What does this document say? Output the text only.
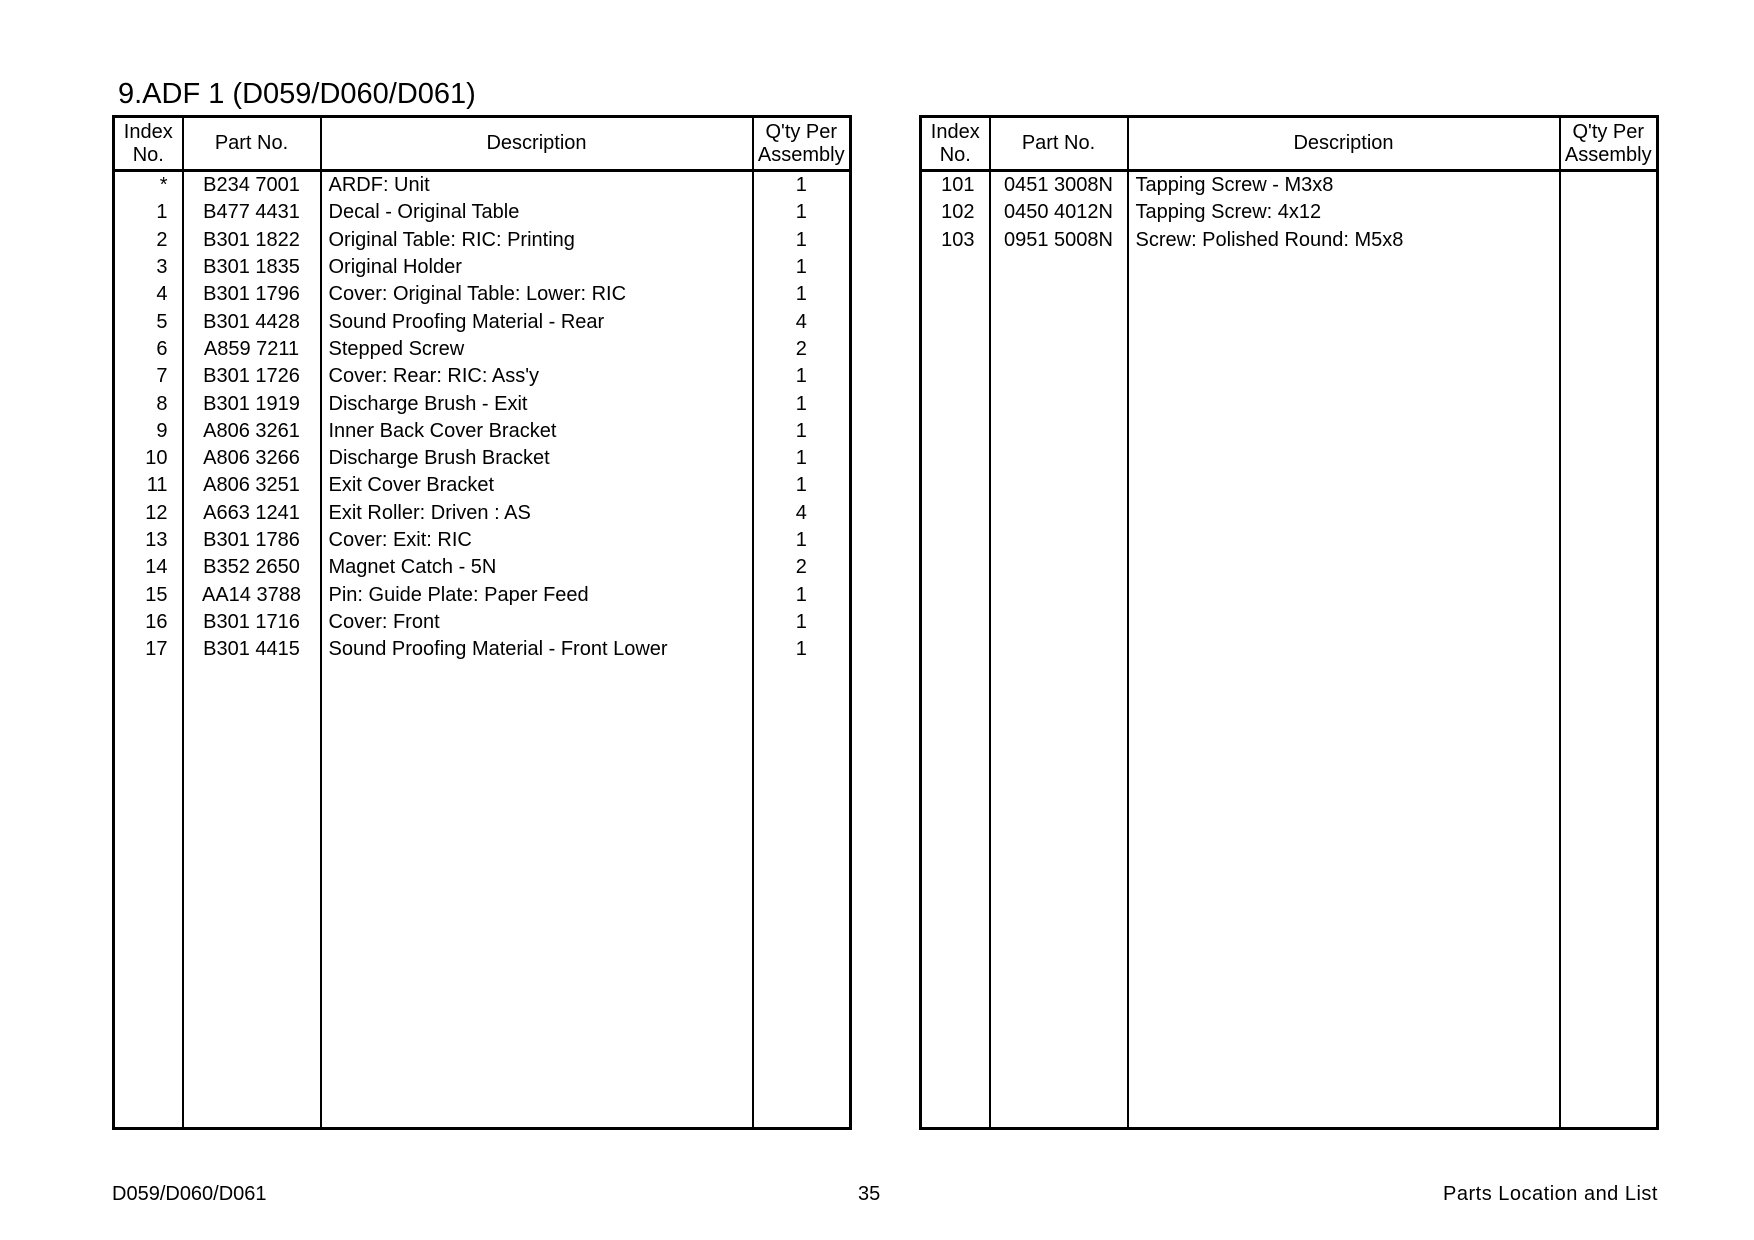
9.ADF 1 (D059/D060/D061)
Index
No.	Part No.	Description	Q'ty Per
Assembly
*	B234 7001	ARDF: Unit	1
1	B477 4431	Decal - Original Table	1
2	B301 1822	Original Table: RIC: Printing	1
3	B301 1835	Original Holder	1
4	B301 1796	Cover: Original Table: Lower: RIC	1
5	B301 4428	Sound Proofing Material - Rear	4
6	A859 7211	Stepped Screw	2
7	B301 1726	Cover: Rear: RIC: Ass'y	1
8	B301 1919	Discharge Brush - Exit	1
9	A806 3261	Inner Back Cover Bracket	1
10	A806 3266	Discharge Brush Bracket	1
11	A806 3251	Exit Cover Bracket	1
12	A663 1241	Exit Roller: Driven : AS	4
13	B301 1786	Cover: Exit: RIC	1
14	B352 2650	Magnet Catch - 5N	2
15	AA14 3788	Pin: Guide Plate: Paper Feed	1
16	B301 1716	Cover: Front	1
17	B301 4415	Sound Proofing Material - Front Lower	1

Index
No.	Part No.	Description	Q'ty Per
Assembly
101	0451 3008N	Tapping Screw - M3x8	
102	0450 4012N	Tapping Screw: 4x12	
103	0951 5008N	Screw: Polished Round: M5x8	

D059/D060/D061	35	Parts Location and List
